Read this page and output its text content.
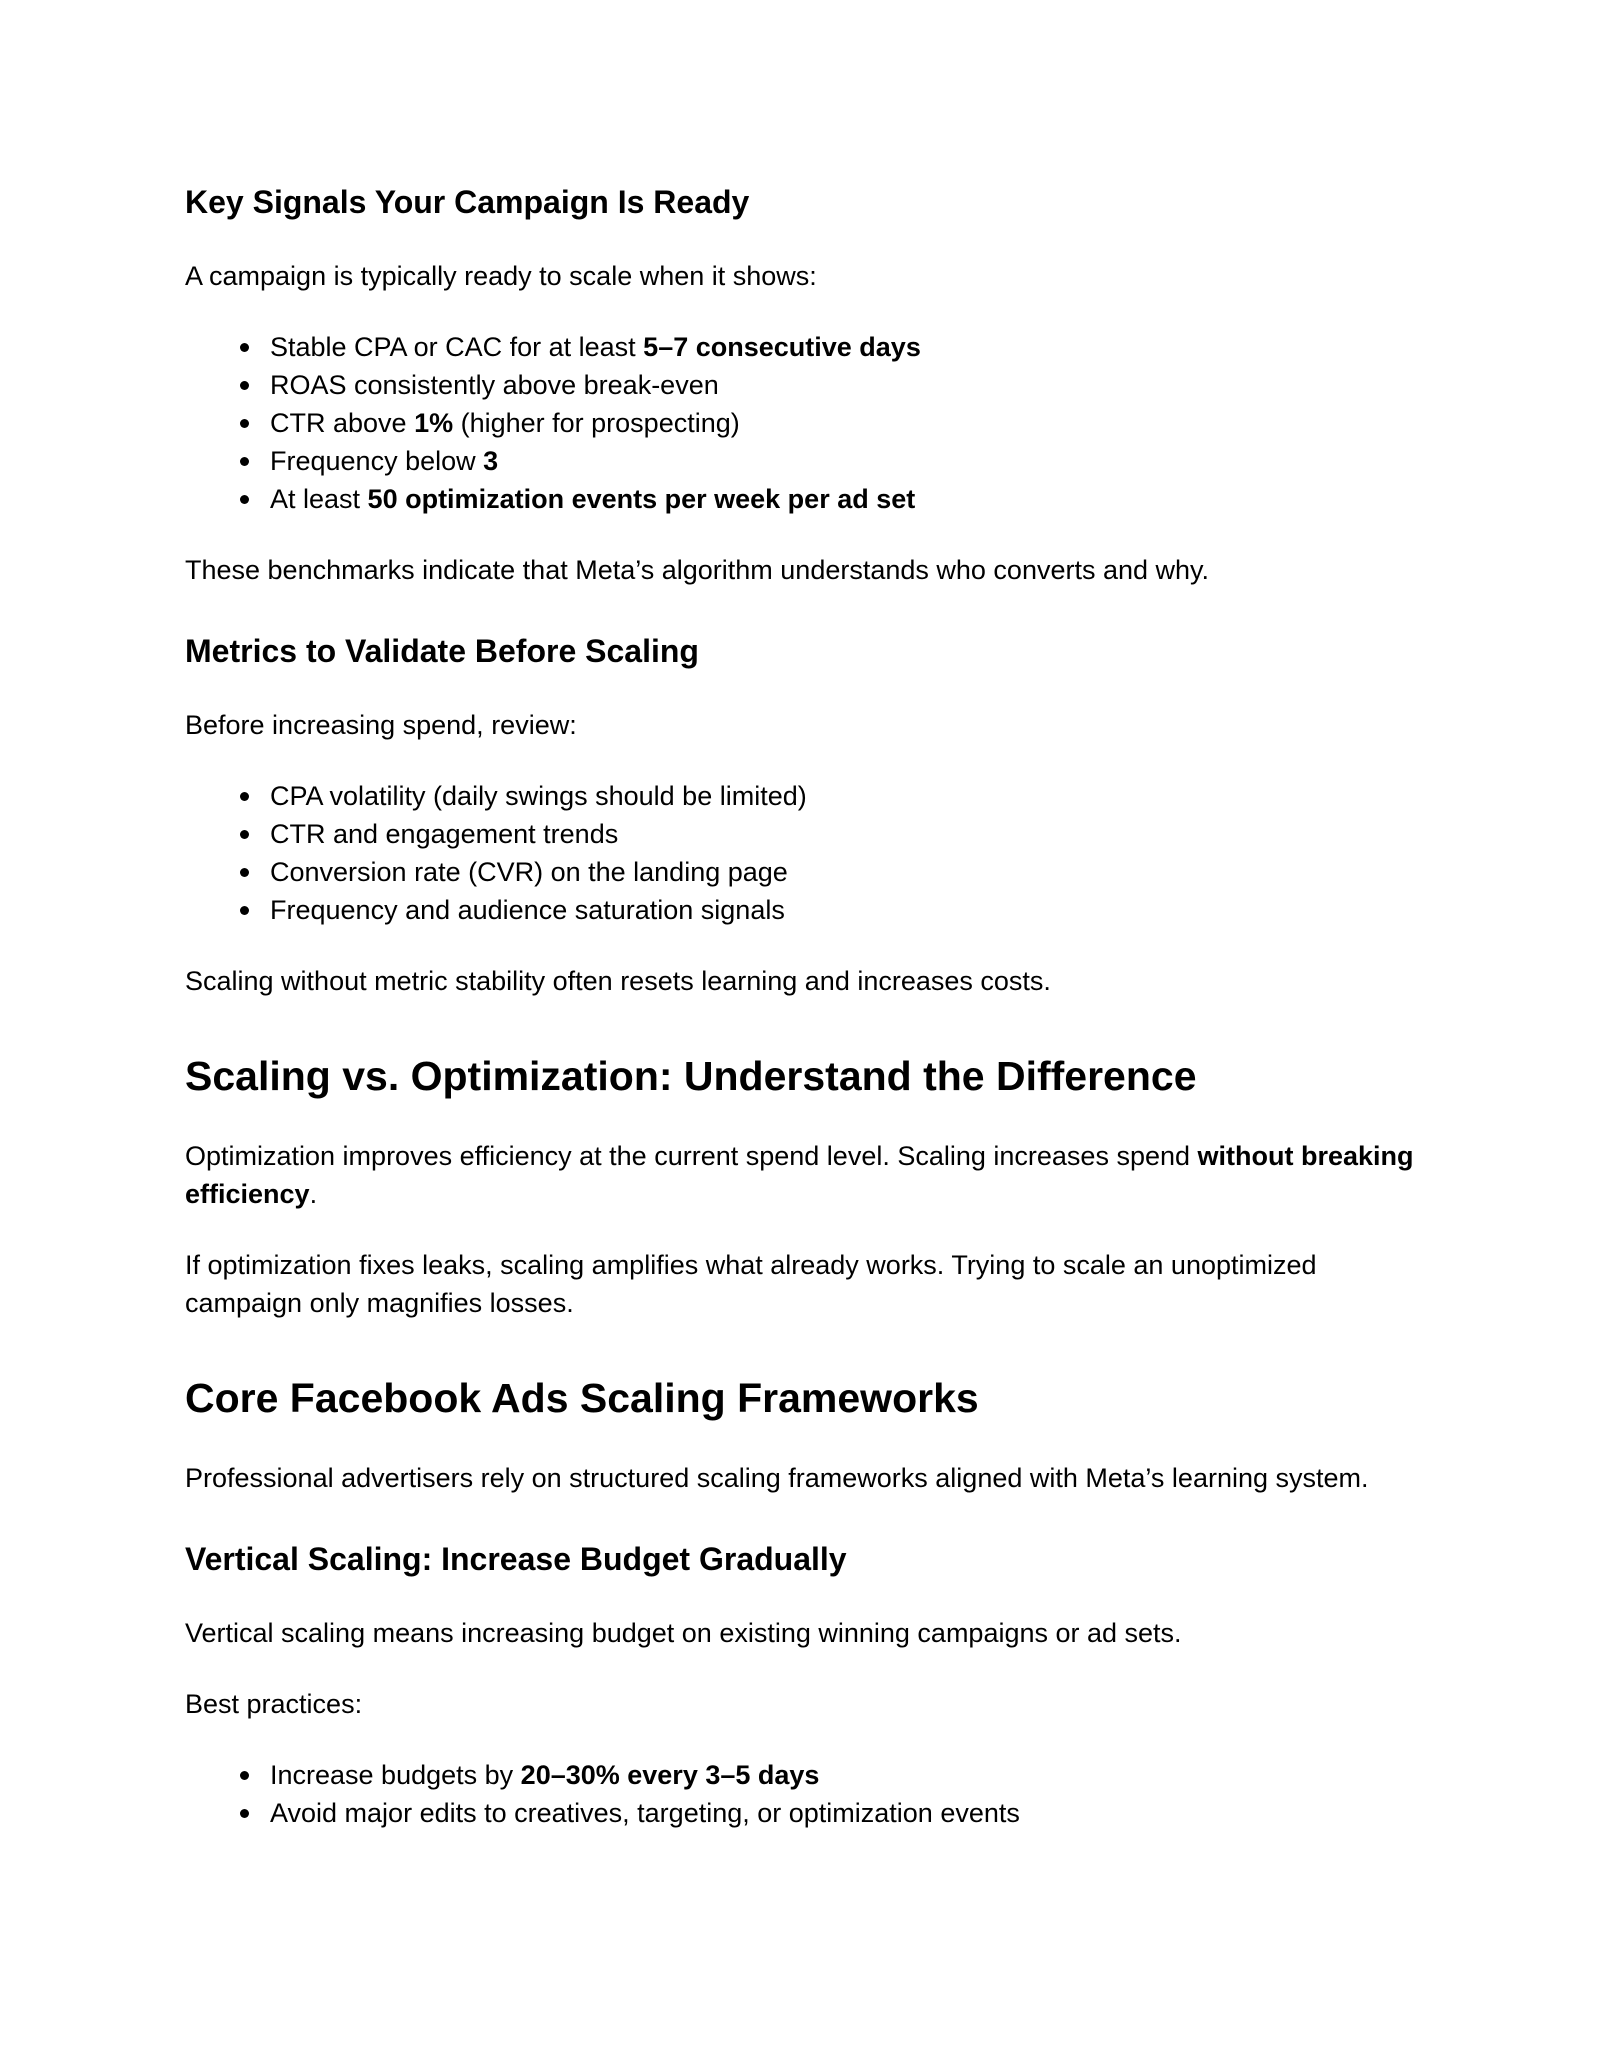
Key Signals Your Campaign Is Ready

A campaign is typically ready to scale when it shows:

Stable CPA or CAC for at least 5–7 consecutive days
ROAS consistently above break-even
CTR above 1% (higher for prospecting)
Frequency below 3
At least 50 optimization events per week per ad set

These benchmarks indicate that Meta’s algorithm understands who converts and why.

Metrics to Validate Before Scaling

Before increasing spend, review:

CPA volatility (daily swings should be limited)
CTR and engagement trends
Conversion rate (CVR) on the landing page
Frequency and audience saturation signals

Scaling without metric stability often resets learning and increases costs.

Scaling vs. Optimization: Understand the Difference

Optimization improves efficiency at the current spend level. Scaling increases spend without breaking efficiency.

If optimization fixes leaks, scaling amplifies what already works. Trying to scale an unoptimized campaign only magnifies losses.

Core Facebook Ads Scaling Frameworks

Professional advertisers rely on structured scaling frameworks aligned with Meta’s learning system.

Vertical Scaling: Increase Budget Gradually

Vertical scaling means increasing budget on existing winning campaigns or ad sets.

Best practices:

Increase budgets by 20–30% every 3–5 days
Avoid major edits to creatives, targeting, or optimization events
